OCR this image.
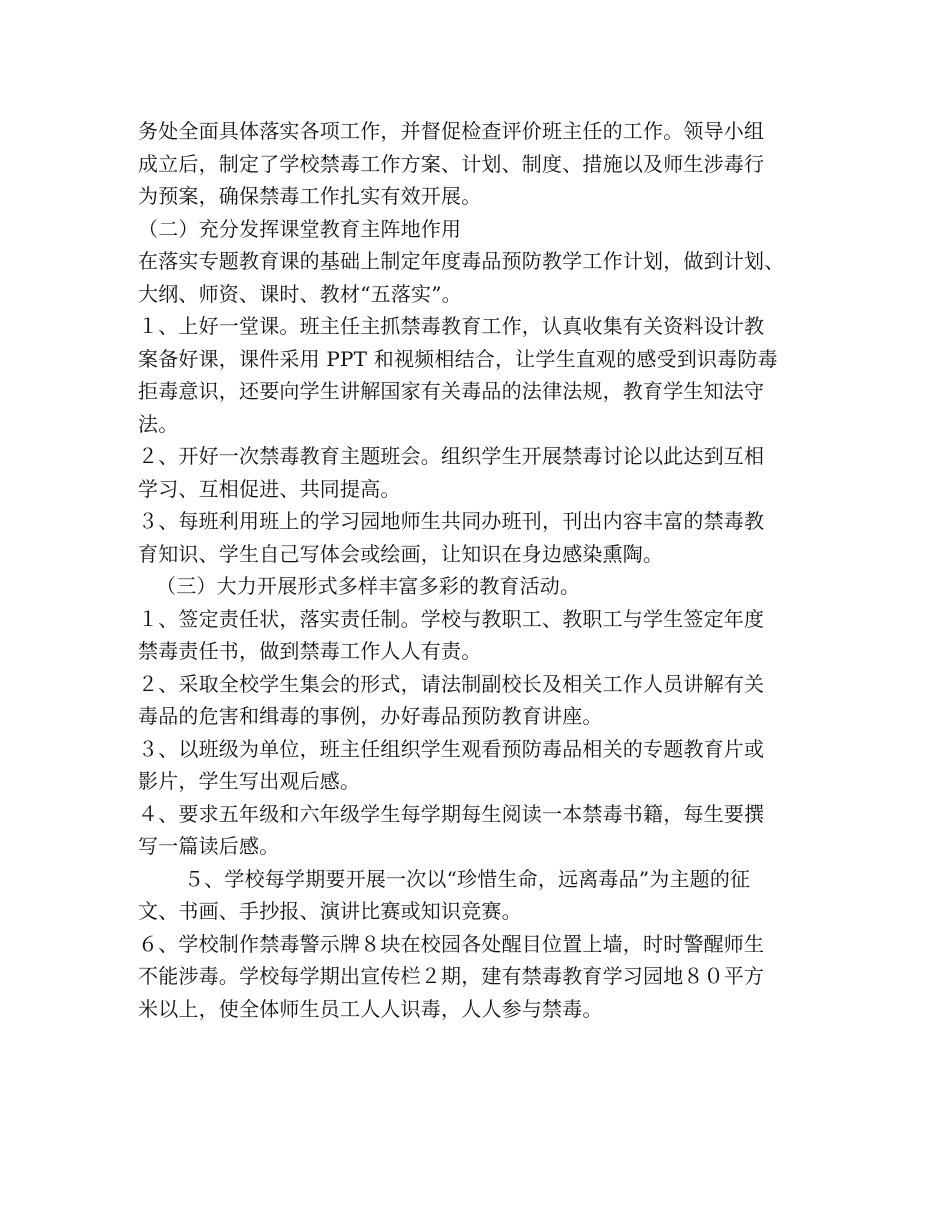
务处全面具体落实各项工作，并督促检查评价班主任的工作。领导小组
成立后，制定了学校禁毒工作方案、计划、制度、措施以及师生涉毒行
为预案，确保禁毒工作扎实有效开展。
（二）充分发挥课堂教育主阵地作用
在落实专题教育课的基础上制定年度毒品预防教学工作计划，做到计划、
大纲、师资、课时、教材“五落实”。
１、上好一堂课。班主任主抓禁毒教育工作，认真收集有关资料设计教
案备好课，课件采用 PPT 和视频相结合，让学生直观的感受到识毒防毒
拒毒意识，还要向学生讲解国家有关毒品的法律法规，教育学生知法守
法。
２、开好一次禁毒教育主题班会。组织学生开展禁毒讨论以此达到互相
学习、互相促进、共同提高。
３、每班利用班上的学习园地师生共同办班刊，刊出内容丰富的禁毒教
育知识、学生自己写体会或绘画，让知识在身边感染熏陶。
（三）大力开展形式多样丰富多彩的教育活动。
１、签定责任状，落实责任制。学校与教职工、教职工与学生签定年度
禁毒责任书，做到禁毒工作人人有责。
２、采取全校学生集会的形式，请法制副校长及相关工作人员讲解有关
毒品的危害和缉毒的事例，办好毒品预防教育讲座。
３、以班级为单位，班主任组织学生观看预防毒品相关的专题教育片或
影片，学生写出观后感。
４、要求五年级和六年级学生每学期每生阅读一本禁毒书籍，每生要撰
写一篇读后感。
５、学校每学期要开展一次以“珍惜生命，远离毒品”为主题的征
文、书画、手抄报、演讲比赛或知识竞赛。
６、学校制作禁毒警示牌８块在校园各处醒目位置上墙，时时警醒师生
不能涉毒。学校每学期出宣传栏２期，建有禁毒教育学习园地８０平方
米以上，使全体师生员工人人识毒，人人参与禁毒。
